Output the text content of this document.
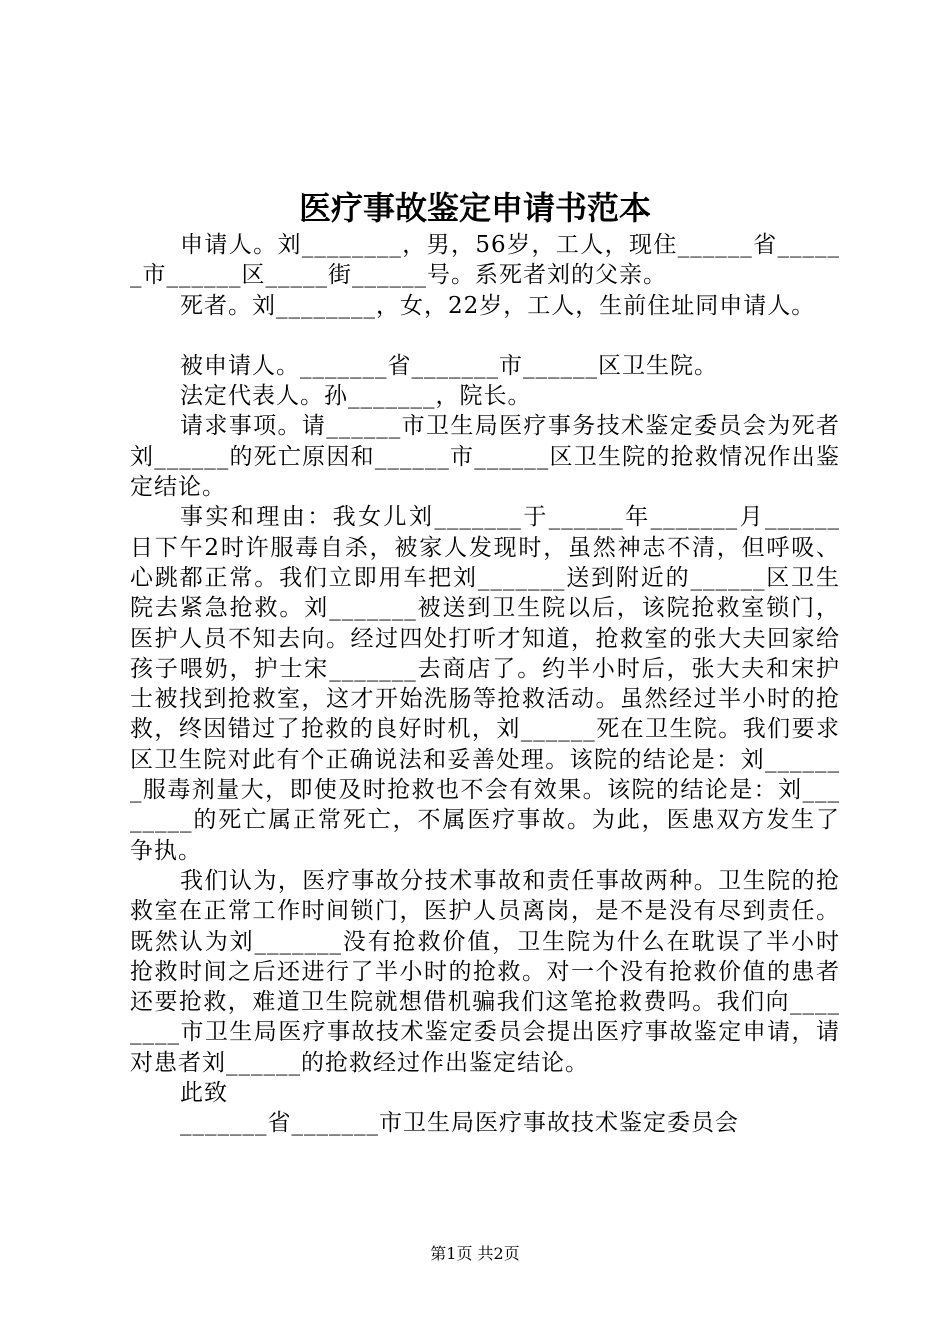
医疗事故鉴定申请书范本

申请人。刘________，男，56岁，工人，现住______省______市______区_____街______号。系死者刘的父亲。

死者。刘________，女，22岁，工人，生前住址同申请人。

被申请人。_______省_______市______区卫生院。

法定代表人。孙_______，院长。

请求事项。请______市卫生局医疗事务技术鉴定委员会为死者刘______的死亡原因和______市______区卫生院的抢救情况作出鉴定结论。

事实和理由：我女儿刘_______于______年_______月______日下午2时许服毒自杀，被家人发现时，虽然神志不清，但呼吸、心跳都正常。我们立即用车把刘_______送到附近的______区卫生院去紧急抢救。刘_______被送到卫生院以后，该院抢救室锁门，医护人员不知去向。经过四处打听才知道，抢救室的张大夫回家给孩子喂奶，护士宋_______去商店了。约半小时后，张大夫和宋护士被找到抢救室，这才开始洗肠等抢救活动。虽然经过半小时的抢救，终因错过了抢救的良好时机，刘______死在卫生院。我们要求区卫生院对此有个正确说法和妥善处理。该院的结论是：刘_______服毒剂量大，即使及时抢救也不会有效果。该院的结论是：刘________的死亡属正常死亡，不属医疗事故。为此，医患双方发生了争执。

我们认为，医疗事故分技术事故和责任事故两种。卫生院的抢救室在正常工作时间锁门，医护人员离岗，是不是没有尽到责任。既然认为刘_______没有抢救价值，卫生院为什么在耽误了半小时抢救时间之后还进行了半小时的抢救。对一个没有抢救价值的患者还要抢救，难道卫生院就想借机骗我们这笔抢救费吗。我们向________市卫生局医疗事故技术鉴定委员会提出医疗事故鉴定申请，请对患者刘______的抢救经过作出鉴定结论。

此致

_______省_______市卫生局医疗事故技术鉴定委员会

第1页 共2页
